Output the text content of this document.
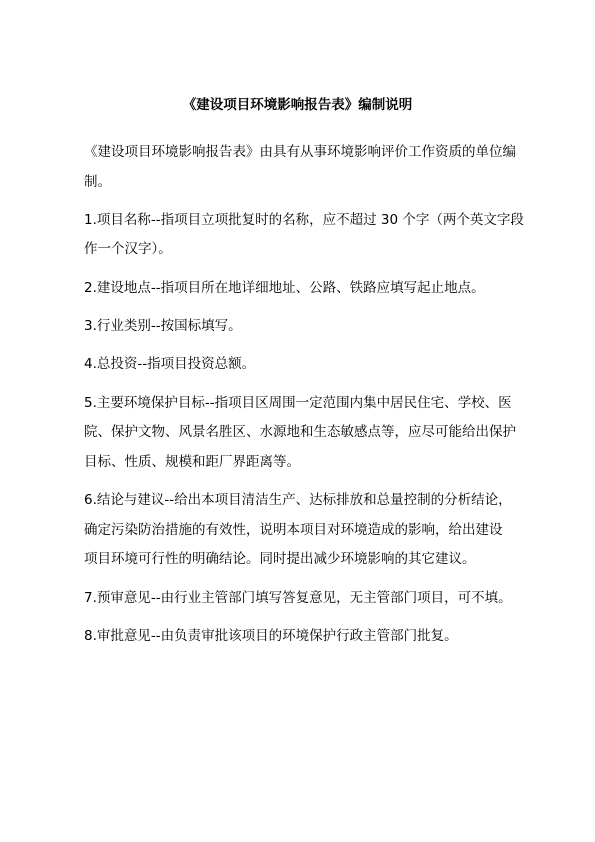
《建设项目环境影响报告表》编制说明

《建设项目环境影响报告表》由具有从事环境影响评价工作资质的单位编
制。

1.项目名称--指项目立项批复时的名称，应不超过 30 个字（两个英文字段
作一个汉字）。

2.建设地点--指项目所在地详细地址、公路、铁路应填写起止地点。

3.行业类别--按国标填写。

4.总投资--指项目投资总额。

5.主要环境保护目标--指项目区周围一定范围内集中居民住宅、学校、医
院、保护文物、风景名胜区、水源地和生态敏感点等，应尽可能给出保护
目标、性质、规模和距厂界距离等。

6.结论与建议--给出本项目清洁生产、达标排放和总量控制的分析结论，
确定污染防治措施的有效性，说明本项目对环境造成的影响，给出建设
项目环境可行性的明确结论。同时提出减少环境影响的其它建议。

7.预审意见--由行业主管部门填写答复意见，无主管部门项目，可不填。

8.审批意见--由负责审批该项目的环境保护行政主管部门批复。
